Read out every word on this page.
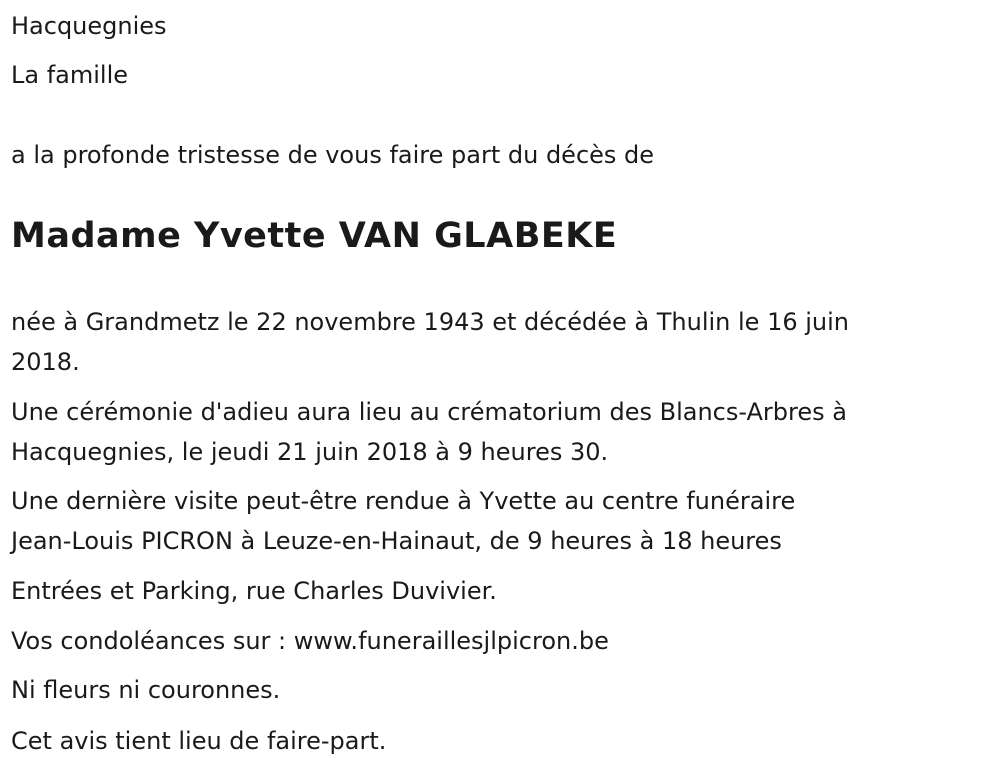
Hacquegnies

La famille

a la profonde tristesse de vous faire part du décès de

Madame Yvette VAN GLABEKE

née à Grandmetz le 22 novembre 1943 et décédée à Thulin le 16 juin

2018.

Une cérémonie d'adieu aura lieu au crématorium des Blancs-Arbres à

Hacquegnies, le jeudi 21 juin 2018 à 9 heures 30.

Une dernière visite peut-être rendue à Yvette au centre funéraire

Jean-Louis PICRON à Leuze-en-Hainaut, de 9 heures à 18 heures

Entrées et Parking, rue Charles Duvivier.

Vos condoléances sur : www.funeraillesjlpicron.be

Ni fleurs ni couronnes.

Cet avis tient lieu de faire-part.
